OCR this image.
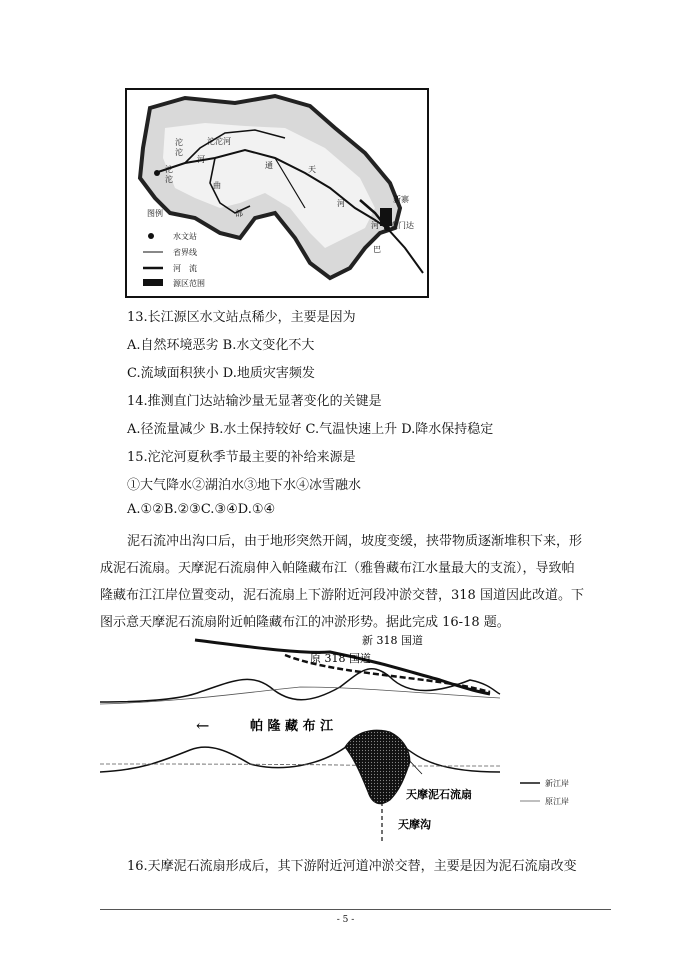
沱
沱
沱沱河
河
通	天
河
曲
部
河
巴
新寨
直门达
沱
沱
图例
水文站
省界线
河　流
源区范围
13.长江源区水文站点稀少，主要是因为
A.自然环境恶劣 B.水文变化不大
C.流域面积狭小 D.地质灾害频发
14.推测直门达站输沙量无显著变化的关键是
A.径流量减少 B.水土保持较好 C.气温快速上升 D.降水保持稳定
15.沱沱河夏秋季节最主要的补给来源是
①大气降水②湖泊水③地下水④冰雪融水
A.①②B.②③C.③④D.①④
泥石流冲出沟口后，由于地形突然开阔，坡度变缓，挟带物质逐渐堆积下来，形
成泥石流扇。天摩泥石流扇伸入帕隆藏布江（雅鲁藏布江水量最大的支流），导致帕
隆藏布江江岸位置变动，泥石流扇上下游附近河段冲淤交替，318 国道因此改道。下
图示意天摩泥石流扇附近帕隆藏布江的冲淤形势。据此完成 16-18 题。
←	帕 隆 藏 布 江
新 318 国道
原 318 国道
天摩泥石流扇
天摩沟
新江岸
原江岸
16.天摩泥石流扇形成后，其下游附近河道冲淤交替，主要是因为泥石流扇改变
- 5 -
